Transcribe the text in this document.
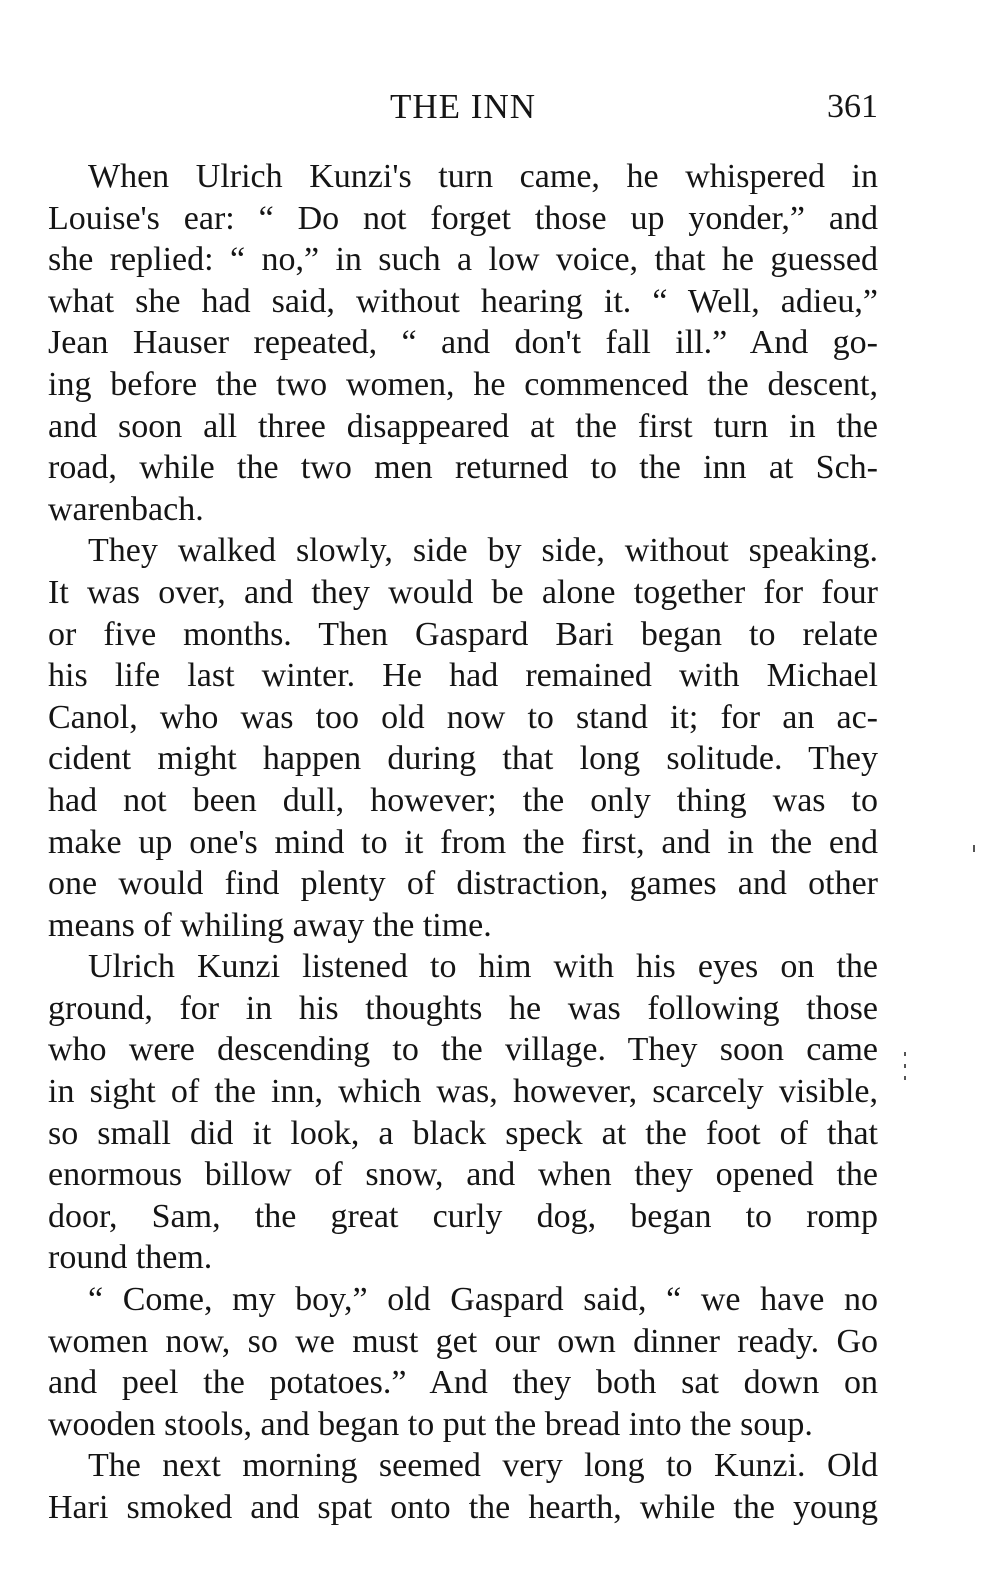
THE INN	361
When Ulrich Kunzi's turn came, he whispered in
Louise's ear: “ Do not forget those up yonder,” and
she replied: “ no,” in such a low voice, that he guessed
what she had said, without hearing it. “ Well, adieu,”
Jean Hauser repeated, “ and don't fall ill.” And go-
ing before the two women, he commenced the descent,
and soon all three disappeared at the first turn in the
road, while the two men returned to the inn at Sch-
warenbach.
They walked slowly, side by side, without speaking.
It was over, and they would be alone together for four
or five months. Then Gaspard Bari began to relate
his life last winter. He had remained with Michael
Canol, who was too old now to stand it; for an ac-
cident might happen during that long solitude. They
had not been dull, however; the only thing was to
make up one's mind to it from the first, and in the end
one would find plenty of distraction, games and other
means of whiling away the time.
Ulrich Kunzi listened to him with his eyes on the
ground, for in his thoughts he was following those
who were descending to the village. They soon came
in sight of the inn, which was, however, scarcely visible,
so small did it look, a black speck at the foot of that
enormous billow of snow, and when they opened the
door, Sam, the great curly dog, began to romp
round them.
“ Come, my boy,” old Gaspard said, “ we have no
women now, so we must get our own dinner ready. Go
and peel the potatoes.” And they both sat down on
wooden stools, and began to put the bread into the soup.
The next morning seemed very long to Kunzi. Old
Hari smoked and spat onto the hearth, while the young
